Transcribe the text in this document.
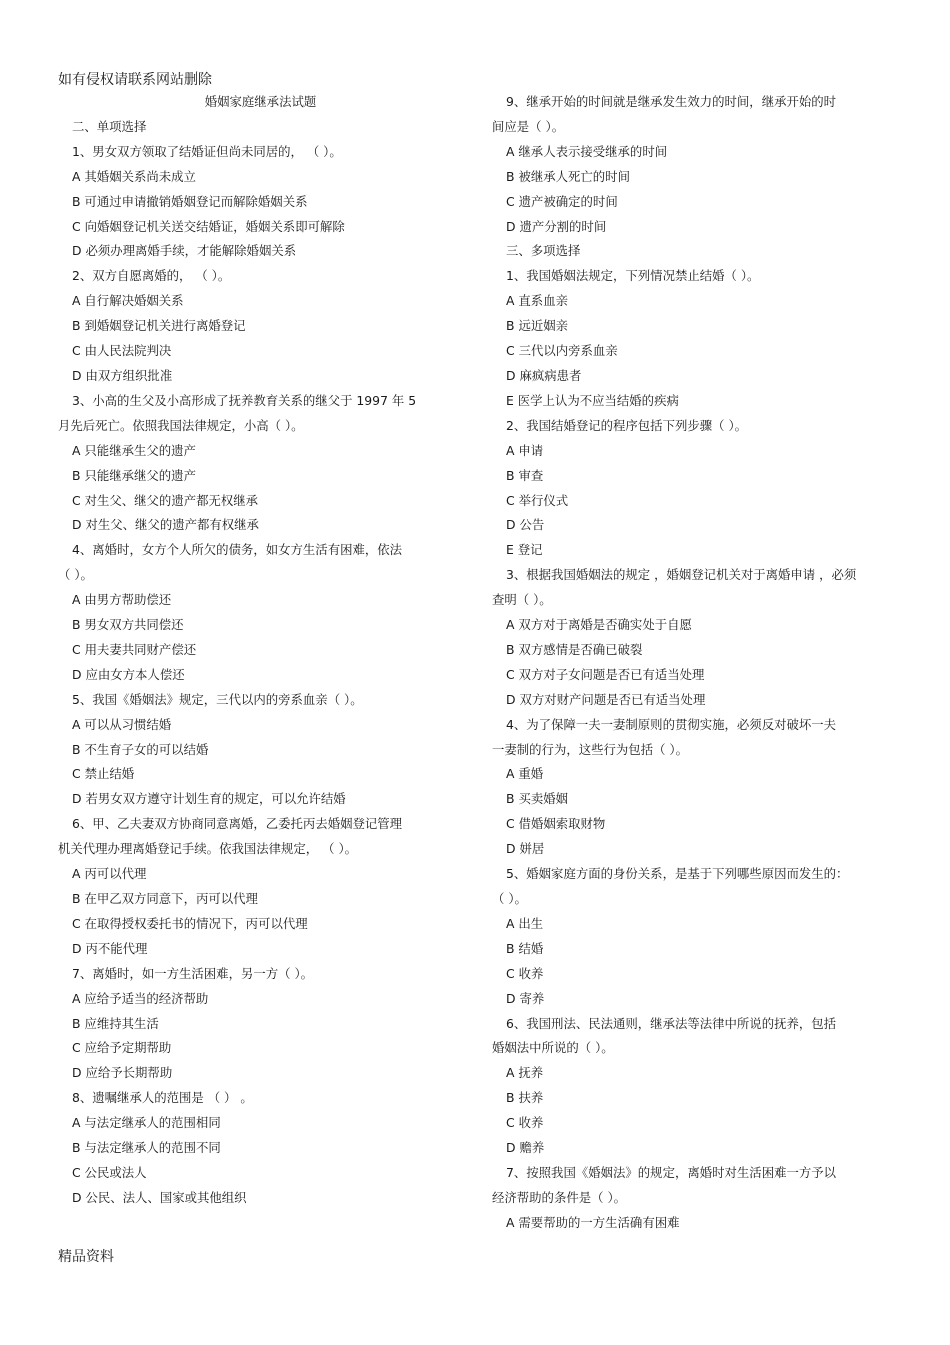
如有侵权请联系网站删除
婚姻家庭继承法试题
二、单项选择
1、男女双方领取了结婚证但尚未同居的， （ ）。
A 其婚姻关系尚未成立
B 可通过申请撤销婚姻登记而解除婚姻关系
C 向婚姻登记机关送交结婚证，婚姻关系即可解除
D 必须办理离婚手续，才能解除婚姻关系
2、双方自愿离婚的， （ ）。
A 自行解决婚姻关系
B 到婚姻登记机关进行离婚登记
C 由人民法院判决
D 由双方组织批准
3、小高的生父及小高形成了抚养教育关系的继父于 1997 年 5
月先后死亡。依照我国法律规定，小高（ ）。
A 只能继承生父的遗产
B 只能继承继父的遗产
C 对生父、继父的遗产都无权继承
D 对生父、继父的遗产都有权继承
4、离婚时，女方个人所欠的债务，如女方生活有困难，依法
（ ）。
A 由男方帮助偿还
B 男女双方共同偿还
C 用夫妻共同财产偿还
D 应由女方本人偿还
5、我国《婚姻法》规定，三代以内的旁系血亲（ ）。
A 可以从习惯结婚
B 不生育子女的可以结婚
C 禁止结婚
D 若男女双方遵守计划生育的规定，可以允许结婚
6、甲、乙夫妻双方协商同意离婚，乙委托丙去婚姻登记管理
机关代理办理离婚登记手续。依我国法律规定， （ ）。
A 丙可以代理
B 在甲乙双方同意下，丙可以代理
C 在取得授权委托书的情况下，丙可以代理
D 丙不能代理
7、离婚时，如一方生活困难，另一方（ ）。
A 应给予适当的经济帮助
B 应维持其生活
C 应给予定期帮助
D 应给予长期帮助
8、遗嘱继承人的范围是 （ ） 。
A 与法定继承人的范围相同
B 与法定继承人的范围不同
C 公民或法人
D 公民、法人、国家或其他组织
9、继承开始的时间就是继承发生效力的时间，继承开始的时
间应是（ ）。
A 继承人表示接受继承的时间
B 被继承人死亡的时间
C 遗产被确定的时间
D 遗产分割的时间
三、多项选择
1、我国婚姻法规定，下列情况禁止结婚（ ）。
A 直系血亲
B 远近姻亲
C 三代以内旁系血亲
D 麻疯病患者
E 医学上认为不应当结婚的疾病
2、我国结婚登记的程序包括下列步骤（ ）。
A 申请
B 审查
C 举行仪式
D 公告
E 登记
3、根据我国婚姻法的规定 ，婚姻登记机关对于离婚申请 ，必须
查明（ ）。
A 双方对于离婚是否确实处于自愿
B 双方感情是否确已破裂
C 双方对子女问题是否已有适当处理
D 双方对财产问题是否已有适当处理
4、为了保障一夫一妻制原则的贯彻实施，必须反对破坏一夫
一妻制的行为，这些行为包括（ ）。
A 重婚
B 买卖婚姻
C 借婚姻索取财物
D 姘居
5、婚姻家庭方面的身份关系，是基于下列哪些原因而发生的：
（ ）。
A 出生
B 结婚
C 收养
D 寄养
6、我国刑法、民法通则，继承法等法律中所说的抚养，包括
婚姻法中所说的（ ）。
A 抚养
B 扶养
C 收养
D 赡养
7、按照我国《婚姻法》的规定，离婚时对生活困难一方予以
经济帮助的条件是（ ）。
A 需要帮助的一方生活确有困难
精品资料
